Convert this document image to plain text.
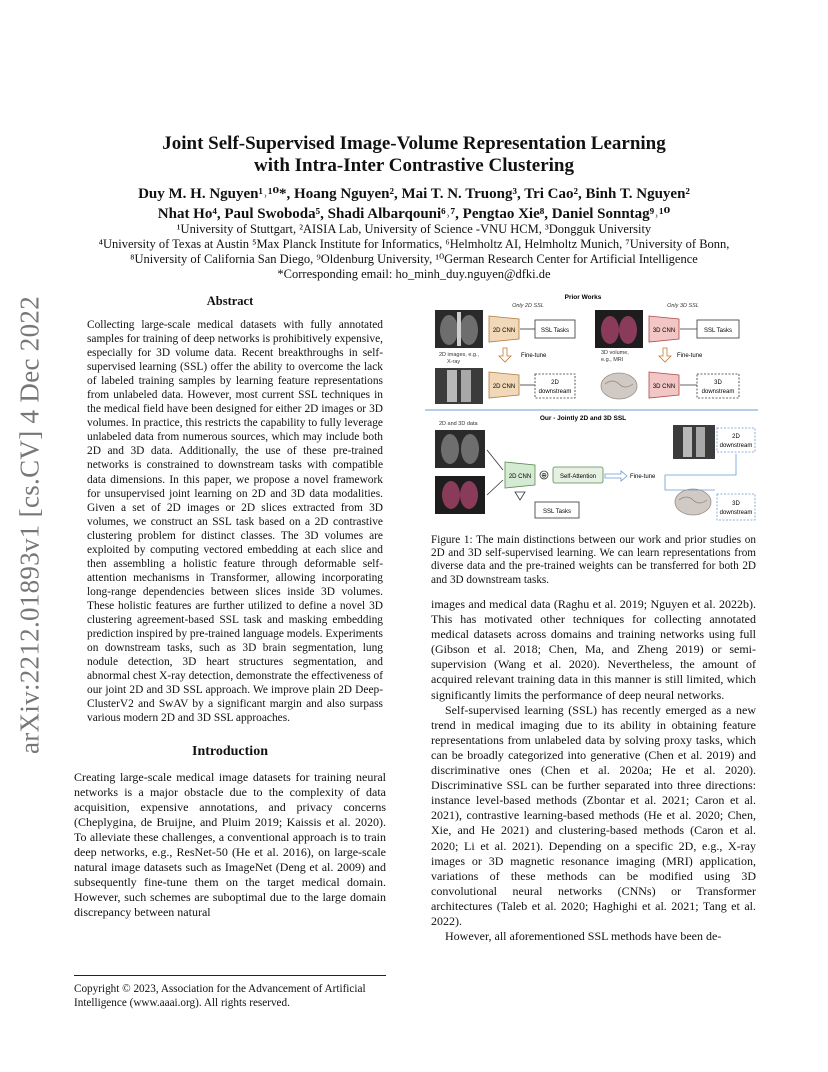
Joint Self-Supervised Image-Volume Representation Learning
with Intra-Inter Contrastive Clustering
Duy M. H. Nguyen¹˒¹⁰*, Hoang Nguyen², Mai T. N. Truong³, Tri Cao², Binh T. Nguyen²
Nhat Ho⁴, Paul Swoboda⁵, Shadi Albarqouni⁶˒⁷, Pengtao Xie⁸, Daniel Sonntag⁹˒¹⁰
¹University of Stuttgart, ²AISIA Lab, University of Science -VNU HCM, ³Dongguk University
⁴University of Texas at Austin ⁵Max Planck Institute for Informatics, ⁶Helmholtz AI, Helmholtz Munich, ⁷University of Bonn,
⁸University of California San Diego, ⁹Oldenburg University, ¹⁰German Research Center for Artificial Intelligence
*Corresponding email: ho_minh_duy.nguyen@dfki.de
arXiv:2212.01893v1 [cs.CV] 4 Dec 2022	Abstract
Collecting large-scale medical datasets with fully annotated samples for training of deep networks is prohibitively expensive, especially for 3D volume data. Recent breakthroughs in self-supervised learning (SSL) offer the ability to overcome the lack of labeled training samples by learning feature representations from unlabeled data. However, most current SSL techniques in the medical field have been designed for either 2D images or 3D volumes. In practice, this restricts the capability to fully leverage unlabeled data from numerous sources, which may include both 2D and 3D data. Additionally, the use of these pre-trained networks is constrained to downstream tasks with compatible data dimensions. In this paper, we propose a novel framework for unsupervised joint learning on 2D and 3D data modalities. Given a set of 2D images or 2D slices extracted from 3D volumes, we construct an SSL task based on a 2D contrastive clustering problem for distinct classes. The 3D volumes are exploited by computing vectored embedding at each slice and then assembling a holistic feature through deformable self-attention mechanisms in Transformer, allowing incorporating long-range dependencies between slices inside 3D volumes. These holistic features are further utilized to define a novel 3D clustering agreement-based SSL task and masking embedding prediction inspired by pre-trained language models. Experiments on downstream tasks, such as 3D brain segmentation, lung nodule detection, 3D heart structures segmentation, and abnormal chest X-ray detection, demonstrate the effectiveness of our joint 2D and 3D SSL approach. We improve plain 2D Deep-ClusterV2 and SwAV by a significant margin and also surpass various modern 2D and 3D SSL approaches.
Introduction
Creating large-scale medical image datasets for training neural networks is a major obstacle due to the complexity of data acquisition, expensive annotations, and privacy concerns (Cheplygina, de Bruijne, and Pluim 2019; Kaissis et al. 2020). To alleviate these challenges, a conventional approach is to train deep networks, e.g., ResNet-50 (He et al. 2016), on large-scale natural image datasets such as ImageNet (Deng et al. 2009) and subsequently fine-tune them on the target medical domain. However, such schemes are suboptimal due to the large domain discrepancy between natural
Copyright © 2023, Association for the Advancement of Artificial Intelligence (www.aaai.org). All rights reserved.
Prior Works
Only 2D SSL	Only 3D SSL
2D CNN	SSL Tasks	3D CNN	SSL Tasks
2D images, e.g.,
X-ray
Fine-tune	3D volume,
e.g., MRI
Fine-tune
2D CNN
2D
downstream
3D CNN
3D
downstream
Our - Jointly 2D and 3D SSL
2D and 3D data
2D CNN ⊕ Self-Attention
SSL Tasks
Fine-tune
2D
downstream
3D
downstream
Figure 1: The main distinctions between our work and prior studies on 2D and 3D self-supervised learning. We can learn representations from diverse data and the pre-trained weights can be transferred for both 2D and 3D downstream tasks.

images and medical data (Raghu et al. 2019; Nguyen et al. 2022b). This has motivated other techniques for collecting annotated medical datasets across domains and training networks using full (Gibson et al. 2018; Chen, Ma, and Zheng 2019) or semi-supervision (Wang et al. 2020). Nevertheless, the amount of acquired relevant training data in this manner is still limited, which significantly limits the performance of deep neural networks.

Self-supervised learning (SSL) has recently emerged as a new trend in medical imaging due to its ability in obtaining feature representations from unlabeled data by solving proxy tasks, which can be broadly categorized into generative (Chen et al. 2019) and discriminative ones (Chen et al. 2020a; He et al. 2020). Discriminative SSL can be further separated into three directions: instance level-based methods (Zbontar et al. 2021; Caron et al. 2021), contrastive learning-based methods (He et al. 2020; Chen, Xie, and He 2021) and clustering-based methods (Caron et al. 2020; Li et al. 2021). Depending on a specific 2D, e.g., X-ray images or 3D magnetic resonance imaging (MRI) application, variations of these methods can be modified using 3D convolutional neural networks (CNNs) or Transformer architectures (Taleb et al. 2020; Haghighi et al. 2021; Tang et al. 2022).

However, all aforementioned SSL methods have been de-
